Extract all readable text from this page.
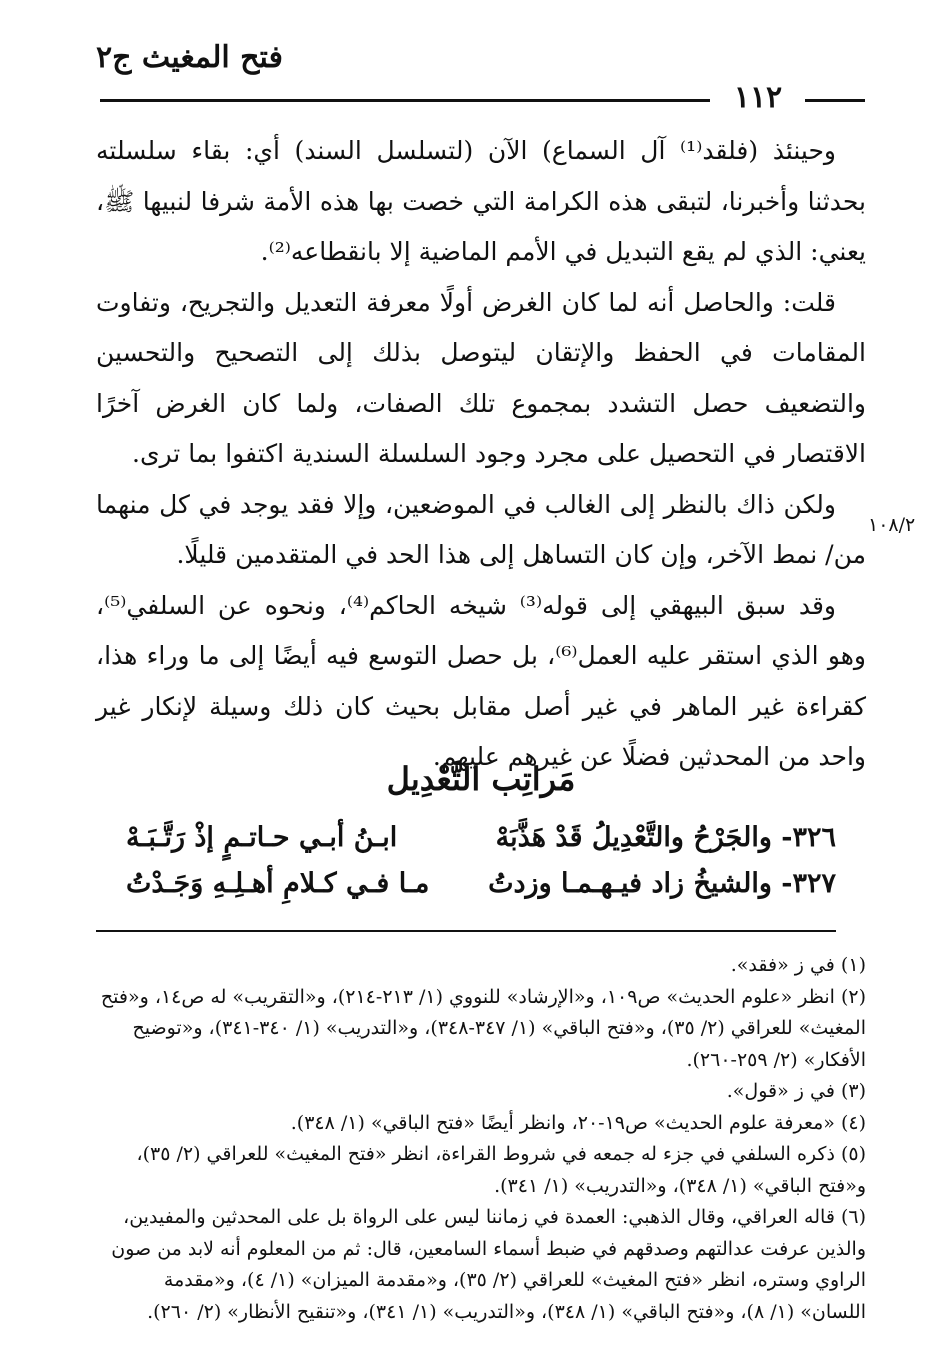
فتح المغيث ج٢
١١٢

وحينئذ (فلقد⁽¹⁾ آل السماع) الآن (لتسلسل السند) أي: بقاء سلسلته بحدثنا وأخبرنا، لتبقى هذه الكرامة التي خصت بها هذه الأمة شرفا لنبيها ﷺ، يعني: الذي لم يقع التبديل في الأمم الماضية إلا بانقطاعه⁽²⁾.

قلت: والحاصل أنه لما كان الغرض أولًا معرفة التعديل والتجريح، وتفاوت المقامات في الحفظ والإتقان ليتوصل بذلك إلى التصحيح والتحسين والتضعيف حصل التشدد بمجموع تلك الصفات، ولما كان الغرض آخرًا الاقتصار في التحصيل على مجرد وجود السلسلة السندية اكتفوا بما ترى.

ولكن ذاك بالنظر إلى الغالب في الموضعين، وإلا فقد يوجد في كل منهما من/ نمط الآخر، وإن كان التساهل إلى هذا الحد في المتقدمين قليلًا.

وقد سبق البيهقي إلى قوله⁽³⁾ شيخه الحاكم⁽⁴⁾، ونحوه عن السلفي⁽⁵⁾، وهو الذي استقر عليه العمل⁽⁶⁾، بل حصل التوسع فيه أيضًا إلى ما وراء هذا، كقراءة غير الماهر في غير أصل مقابل بحيث كان ذلك وسيلة لإنكار غير واحد من المحدثين فضلًا عن غيرهم عليهم.

١٠٨/٢
مَراتِب التَّعْدِيل
٣٢٦- والجَرْحُ والتَّعْدِيلُ قَدْ هَذَّبَهْ
ابـنُ أبـي حـاتـمٍ إذْ رَتَّـبَـهْ
٣٢٧- والشيخُ زاد فيـهـمـا وزدتُ
مـا فـي كـلامِ أهـلِـهِ وَجَـدْتُ

(١) في ز «فقد».

(٢) انظر «علوم الحديث» ص١٠٩، و«الإرشاد» للنووي (١/ ٢١٣-٢١٤)، و«التقريب» له ص١٤، و«فتح المغيث» للعراقي (٢/ ٣٥)، و«فتح الباقي» (١/ ٣٤٧-٣٤٨)، و«التدريب» (١/ ٣٤٠-٣٤١)، و«توضيح الأفكار» (٢/ ٢٥٩-٢٦٠).

(٣) في ز «قول».

(٤) «معرفة علوم الحديث» ص١٩-٢٠، وانظر أيضًا «فتح الباقي» (١/ ٣٤٨).

(٥) ذكره السلفي في جزء له جمعه في شروط القراءة، انظر «فتح المغيث» للعراقي (٢/ ٣٥)، و«فتح الباقي» (١/ ٣٤٨)، و«التدريب» (١/ ٣٤١).

(٦) قاله العراقي، وقال الذهبي: العمدة في زماننا ليس على الرواة بل على المحدثين والمفيدين، والذين عرفت عدالتهم وصدقهم في ضبط أسماء السامعين، قال: ثم من المعلوم أنه لابد من صون الراوي وستره، انظر «فتح المغيث» للعراقي (٢/ ٣٥)، و«مقدمة الميزان» (١/ ٤)، و«مقدمة اللسان» (١/ ٨)، و«فتح الباقي» (١/ ٣٤٨)، و«التدريب» (١/ ٣٤١)، و«تنقيح الأنظار» (٢/ ٢٦٠).
